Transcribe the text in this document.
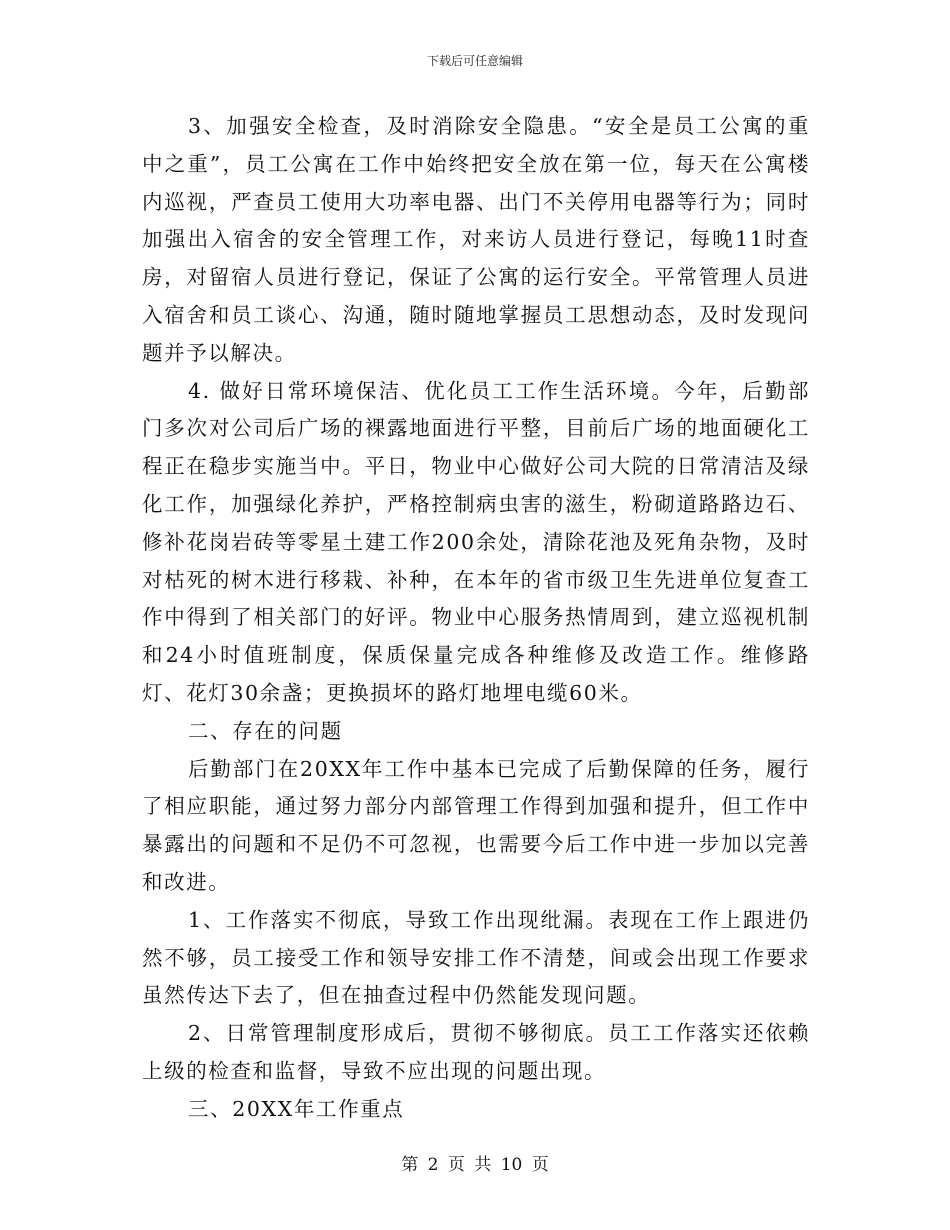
下载后可任意编辑

3、加强安全检查，及时消除安全隐患。“安全是员工公寓的重中之重”，员工公寓在工作中始终把安全放在第一位，每天在公寓楼内巡视，严查员工使用大功率电器、出门不关停用电器等行为；同时加强出入宿舍的安全管理工作，对来访人员进行登记，每晚11时查房，对留宿人员进行登记，保证了公寓的运行安全。平常管理人员进入宿舍和员工谈心、沟通，随时随地掌握员工思想动态，及时发现问题并予以解决。

4. 做好日常环境保洁、优化员工工作生活环境。今年，后勤部门多次对公司后广场的裸露地面进行平整，目前后广场的地面硬化工程正在稳步实施当中。平日，物业中心做好公司大院的日常清洁及绿化工作，加强绿化养护，严格控制病虫害的滋生，粉砌道路路边石、修补花岗岩砖等零星土建工作200余处，清除花池及死角杂物，及时对枯死的树木进行移栽、补种，在本年的省市级卫生先进单位复查工作中得到了相关部门的好评。物业中心服务热情周到，建立巡视机制和24小时值班制度，保质保量完成各种维修及改造工作。维修路灯、花灯30余盏；更换损坏的路灯地埋电缆60米。

二、存在的问题

后勤部门在20XX年工作中基本已完成了后勤保障的任务，履行了相应职能，通过努力部分内部管理工作得到加强和提升，但工作中暴露出的问题和不足仍不可忽视，也需要今后工作中进一步加以完善和改进。

1、工作落实不彻底，导致工作出现纰漏。表现在工作上跟进仍然不够，员工接受工作和领导安排工作不清楚，间或会出现工作要求虽然传达下去了，但在抽查过程中仍然能发现问题。

2、日常管理制度形成后，贯彻不够彻底。员工工作落实还依赖上级的检查和监督，导致不应出现的问题出现。

三、20XX年工作重点

第 2 页 共 10 页
